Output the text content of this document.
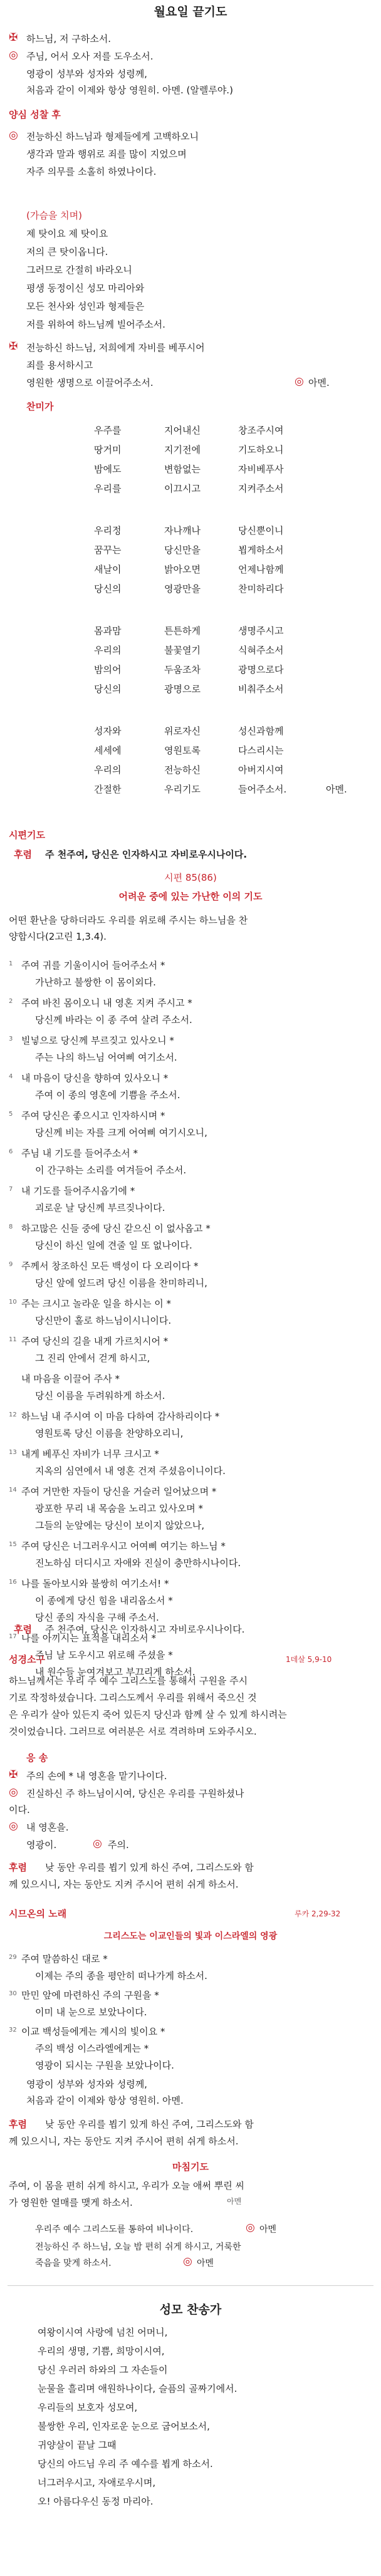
월요일 끝기도
✠ 하느님, 저 구하소서.
◎ 주님, 어서 오사 저를 도우소서.
영광이 성부와 성자와 성령께,
처음과 같이 이제와 항상 영원히. 아멘. (알렐루야.)
양심 성찰 후
◎
(가슴을 치며)
✠ 전능하신 하느님, 저희에게 자비를 베푸시어
죄를 용서하시고
영원한 생명으로 이끌어주소서.	◎ 아멘.
찬미가
시편기도
후렴 주 천주여, 당신은 인자하시고 자비로우시나이다.
시편 85(86)
어려운 중에 있는 가난한 이의 기도
어떤 환난을 당하더라도 우리를 위로해 주시는 하느님을 찬
양합시다(2고린 1,3.4).
후렴 주 천주여, 당신은 인자하시고 자비로우시나이다.
성경소구	1데살 5,9-10
응 송
✠ 주의 손에 * 내 영혼을 맡기나이다.
◎ 진실하신 주 하느님이시여, 당신은 우리를 구원하셨나
이다.
◎ 내 영혼을.
영광이.	◎ 주의.
후렴 낮 동안 우리를 뵙기 있게 하신 주여, 그리스도와 함
께 있으시니, 자는 동안도 지켜 주시어 편히 쉬게 하소서.
시므온의 노래	루카 2,29-32
그리스도는 이교인들의 빛과 이스라엘의 영광
영광이 성부와 성자와 성령께,
처음과 같이 이제와 항상 영원히. 아멘.
후렴 낮 동안 우리를 뵙기 있게 하신 주여, 그리스도와 함
께 있으시니, 자는 동안도 지켜 주시어 편히 쉬게 하소서.
마침기도
주여, 이 몸을 편히 쉬게 하시고, 우리가 오늘 애써 뿌린 씨
가 영원한 열매를 맺게 하소서.	아멘
우리주 예수 그리스도를 통하여 비나이다.	◎ 아멘
전능하신 주 하느님, 오늘 밤 편히 쉬게 하시고, 거룩한
죽음을 맞게 하소서.	◎ 아멘
성모 찬송가
전능하신 하느님과 형제들에게 고백하오니
생각과 말과 행위로 죄를 많이 지었으며
자주 의무를 소홀히 하였나이다.
제 탓이요 제 탓이요
저의 큰 탓이옵니다.
그러므로 간절히 바라오니
평생 동정이신 성모 마리아와
모든 천사와 성인과 형제들은
저를 위하여 하느님께 빌어주소서.
우주를	지어내신	창조주시여
땅거미	지기전에	기도하오니
밤에도	변함없는	자비베푸사
우리를	이끄시고	지켜주소서
우리정	자나깨나	당신뿐이니
꿈꾸는	당신만을	뵙게하소서
새날이	밝아오면	언제나함께
당신의	영광만을	찬미하리다
몸과맘	튼튼하게	생명주시고
우리의	불꽃열기	식혀주소서
밤의어	두움조차	광명으로다
당신의	광명으로	비춰주소서
성자와	위로자신	성신과함께
세세에	영원토록	다스리시는
우리의	전능하신	아버지시여
간절한	우리기도	들어주소서.	아멘.
1 주여 귀를 기울이시어 들어주소서 *
가난하고 불쌍한 이 몸이외다.
2 주여 바친 몸이오니 내 영혼 지켜 주시고 *
당신께 바라는 이 종 주여 살려 주소서.
3 빌넣으로 당신께 부르짖고 있사오니 *
주는 나의 하느님 어여삐 여기소서.
4 내 마음이 당신을 향하여 있사오니 *
주여 이 종의 영혼에 기쁨을 주소서.
5 주여 당신은 좋으시고 인자하시며 *
당신께 비는 자를 크게 어여삐 여기시오니,
6 주님 내 기도를 들어주소서 *
이 간구하는 소리를 여겨들어 주소서.
7 내 기도를 들어주시옵기에 *
괴로운 날 당신께 부르짖나이다.
8 하고많은 신들 중에 당신 같으신 이 없사옵고 *
당신이 하신 일에 견줄 일 또 없나이다.
9 주께서 창조하신 모든 백성이 다 오리이다 *
당신 앞에 엎드려 당신 이름을 찬미하리니,
10 주는 크시고 놀라운 일을 하시는 이 *
당신만이 홀로 하느님이시니이다.
11 주여 당신의 길을 내게 가르치시어 *
그 진리 안에서 걷게 하시고,
내 마음을 이끌어 주사 *
당신 이름을 두려워하게 하소서.
12 하느님 내 주시여 이 마음 다하여 감사하리이다 *
영원토록 당신 이름을 찬양하오리니,
13 내게 베푸신 자비가 너무 크시고 *
지옥의 심연에서 내 영혼 건져 주셨음이니이다.
14 주여 거만한 자들이 당신을 거슬러 일어났으며 *
광포한 무리 내 목숨을 노리고 있사오며 *
그들의 눈앞에는 당신이 보이지 않았으나,
15 주여 당신은 너그러우시고 어여삐 여기는 하느님 *
진노하심 더디시고 자애와 진실이 충만하시나이다.
16 나를 돌아보시와 불쌍히 여기소서! *
이 종에게 당신 힘을 내리옵소서 *
당신 종의 자식을 구해 주소서.
17 나를 아끼시는 표적을 내리소서 *
주님 날 도우시고 위로해 주셨을 *
내 원수들 눈여겨보고 부끄리게 하소서.
하느님께서는 우리 주 예수 그리스도를 통해서 구원을 주시
기로 작정하셨습니다. 그리스도께서 우리를 위해서 죽으신 것
은 우리가 살아 있든지 죽어 있든지 당신과 함께 살 수 있게 하시려는
것이었습니다. 그러므로 여러분은 서로 격려하며 도와주시오.
29 주여 말씀하신 대로 *
이제는 주의 종을 평안히 떠나가게 하소서.
30 만민 앞에 마련하신 주의 구원을 *
이미 내 눈으로 보았나이다.
32 이교 백성들에게는 계시의 빛이요 *
주의 백성 이스라엘에게는 *
영광이 되시는 구원을 보았나이다.
여왕이시여 사랑에 넘친 어머니,
우리의 생명, 기쁨, 희망이시여,
당신 우러러 하와의 그 자손들이
눈물을 흘리며 애원하나이다, 슬픔의 골짜기에서.
우리들의 보호자 성모여,
불쌍한 우리, 인자로운 눈으로 굽어보소서,
귀양살이 끝날 그때
당신의 아드님 우리 주 예수를 뵙게 하소서.
너그러우시고, 자애로우시며,
오! 아름다우신 동정 마리아.
